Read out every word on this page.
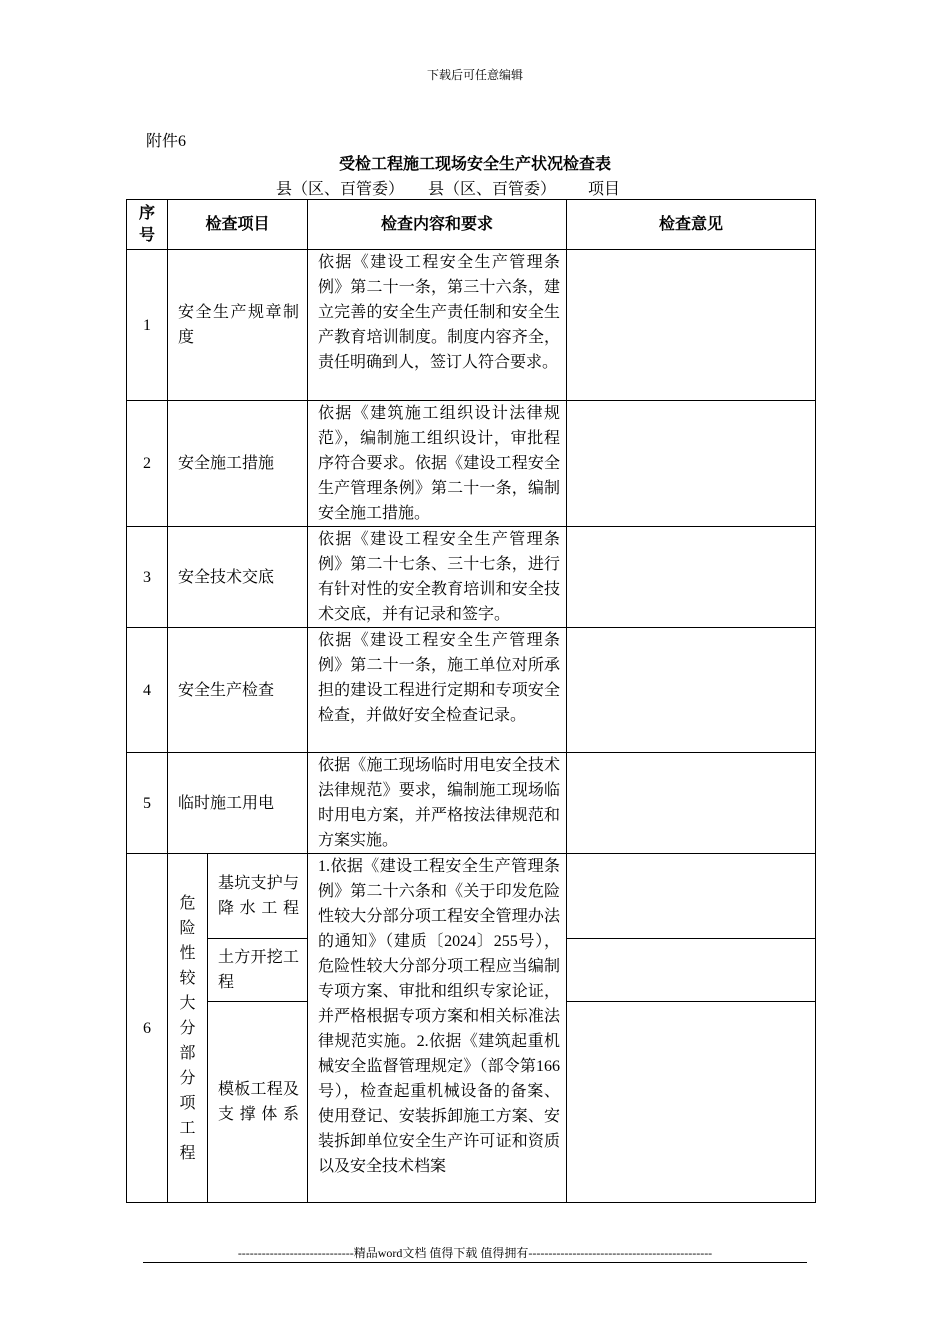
下载后可任意编辑
附件6
受检工程施工现场安全生产状况检查表
县（区、百管委）      县（区、百管委）        项目
序号	检查项目		检查内容和要求	检查意见
1	安全生产规章制度		依据《建设工程安全生产管理条例》第二十一条，第三十六条，建立完善的安全生产责任制和安全生产教育培训制度。制度内容齐全，责任明确到人，签订人符合要求。	
2	安全施工措施		依据《建筑施工组织设计法律规范》，编制施工组织设计，审批程序符合要求。依据《建设工程安全生产管理条例》第二十一条，编制安全施工措施。	
3	安全技术交底		依据《建设工程安全生产管理条例》第二十七条、三十七条，进行有针对性的安全教育培训和安全技术交底，并有记录和签字。	
4	安全生产检查		依据《建设工程安全生产管理条例》第二十一条，施工单位对所承担的建设工程进行定期和专项安全检查，并做好安全检查记录。	
5	临时施工用电		依据《施工现场临时用电安全技术法律规范》要求，编制施工现场临时用电方案，并严格按法律规范和方案实施。	
6	危险性较大分部分项工程	基坑支护与降水工程	1.依据《建设工程安全生产管理条例》第二十六条和《关于印发危险性较大分部分项工程安全管理办法的通知》（建质〔2024〕255号），危险性较大分部分项工程应当编制专项方案、审批和组织专家论证，并严格根据专项方案和相关标准法律规范实施。2.依据《建筑起重机械安全监督管理规定》（部令第166号），检查起重机械设备的备案、使用登记、安装拆卸施工方案、安装拆卸单位安全生产许可证和资质以及安全技术档案	
		土方开挖工程		
		模板工程及支撑体系		
-----------------------------精品word文档 值得下载 值得拥有----------------------------------------------
